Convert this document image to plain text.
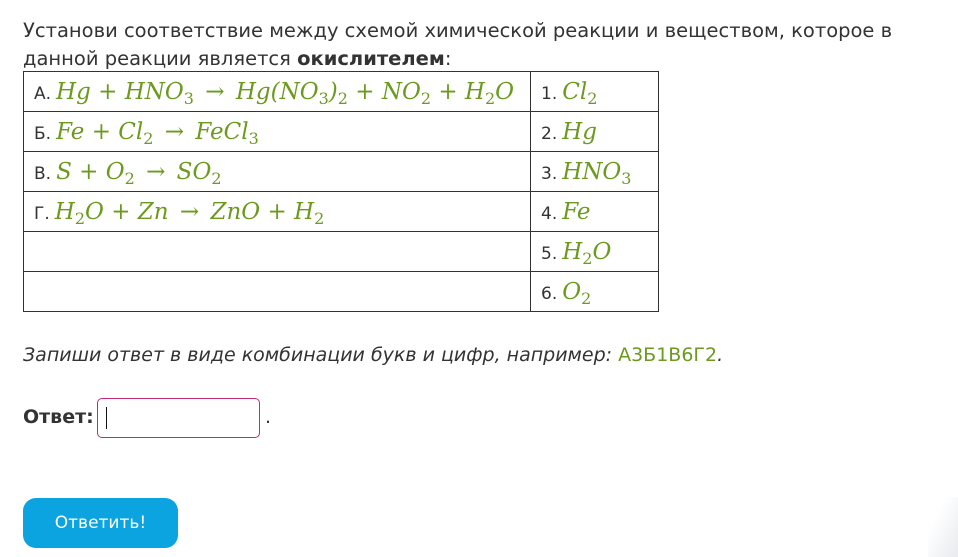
Установи соответствие между схемой химической реакции и веществом, которое в данной реакции является окислителем:
А. $Hg + HNO_3 \to Hg(NO_3)_2 + NO_2 + H_2O$	1. $Cl_2$
Б. $Fe + Cl_2$ → FeCl$_3$	2. Hg
В. $S + O_2 \to SO_2$	3. $HNO_3$
Г. $H_2O + Zn$ → ZnO + $H_2$	4. Fe
	5. $H_2O$
	6. $O_2$
Запиши ответ в виде комбинации букв и цифр, например: А3Б1В6Г2.
Ответ:	.
Ответить!
